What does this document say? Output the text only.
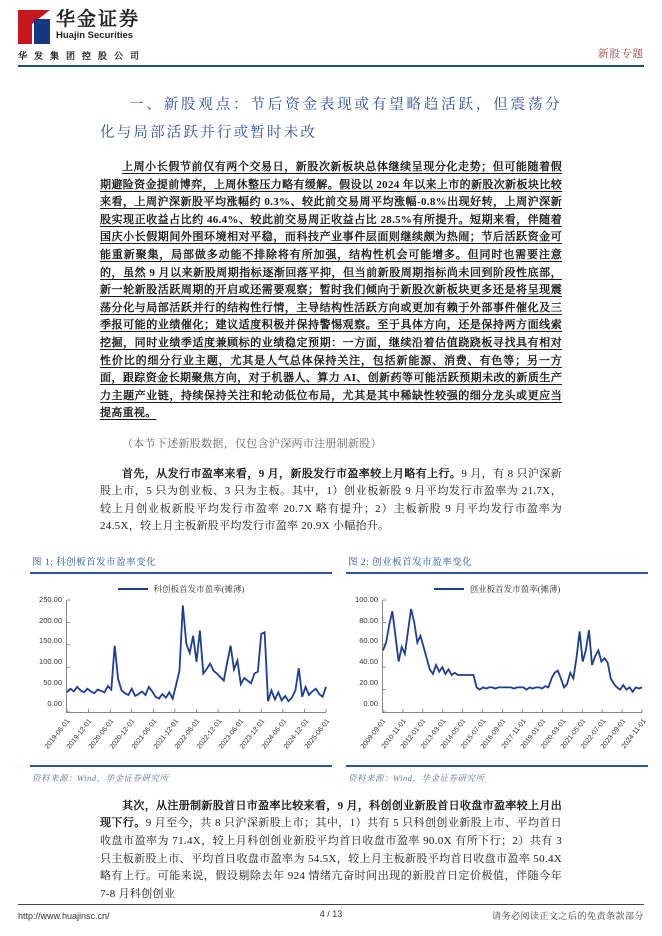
华金证券
Huajin Securities
华发集团控股公司	新股专题
一、新股观点：节后资金表现或有望略趋活跃，但震荡分化与局部活跃并行或暂时未改

上周小长假节前仅有两个交易日，新股次新板块总体继续呈现分化走势；但可能随着假期避险资金提前博弈，上周休整压力略有缓解。假设以 2024 年以来上市的新股次新板块比较来看，上周沪深新股平均涨幅约 0.3%、较此前交易周平均涨幅-0.8%出现好转，上周沪深新股实现正收益占比约 46.4%、较此前交易周正收益占比 28.5%有所提升。短期来看，伴随着国庆小长假期间外围环境相对平稳，而科技产业事件层面则继续颇为热闹；节后活跃资金可能重新聚集，局部做多动能不排除将有所加强，结构性机会可能增多。但同时也需要注意的，虽然 9 月以来新股周期指标逐渐回落平抑，但当前新股周期指标尚未回到阶段性底部，新一轮新股活跃周期的开启或还需要观察；暂时我们倾向于新股次新板块更多还是将呈现震荡分化与局部活跃并行的结构性行情，主导结构性活跃方向或更加有赖于外部事件催化及三季报可能的业绩催化；建议适度积极并保持警惕观察。至于具体方向，还是保持两方面线索挖掘，同时业绩季适度兼顾标的业绩稳定预期：一方面，继续沿着估值跷跷板寻找具有相对性价比的细分行业主题，尤其是人气总体保持关注，包括新能源、消费、有色等；另一方面，跟踪资金长期聚焦方向，对于机器人、算力 AI、创新药等可能活跃预期未改的新质生产力主题产业链，持续保持关注和轮动低位布局，尤其是其中稀缺性较强的细分龙头或更应当提高重视。

（本节下述新股数据，仅包含沪深两市注册制新股）

首先，从发行市盈率来看，9 月，新股发行市盈率较上月略有上行。9 月，有 8 只沪深新股上市，5 只为创业板、3 只为主板。其中，1）创业板新股 9 月平均发行市盈率为 21.7X，较上月创业板新股平均发行市盈率 20.7X 略有提升；2）主板新股 9 月平均发行市盈率为 24.5X，较上月主板新股平均发行市盈率 20.9X 小幅抬升。

图 1: 科创板首发市盈率变化
科创板首发市盈率(摊薄)
250.00
200.00
150.00
100.00
50.00
0.00
2019-06-01
2019-12-01
2020-06-01
2020-12-01
2021-06-01
2021-12-01
2022-06-01
2022-12-01
2023-06-01
2023-12-01
2024-06-01
2024-12-01
2025-06-01
资料来源：Wind，华金证券研究所
图 2: 创业板首发市盈率变化
创业板首发市盈率(摊薄)
100.00
80.00
60.00
40.00
20.00
0.00
2009-09-01
2010-11-01
2012-01-01
2013-03-01
2014-05-01
2015-07-01
2016-09-01
2017-11-01
2019-01-01
2020-03-01
2021-05-01
2022-07-01
2023-09-01
2024-11-01
资料来源：Wind，华金证券研究所

其次，从注册制新股首日市盈率比较来看，9 月，科创创业新股首日收盘市盈率较上月出现下行。9 月至今，共 8 只沪深新股上市；其中，1）共有 5 只科创创业新股上市、平均首日收盘市盈率为 71.4X，较上月科创创业新股平均首日收盘市盈率 90.0X 有所下行；2）共有 3 只主板新股上市、平均首日收盘市盈率为 54.5X，较上月主板新股平均首日收盘市盈率 50.4X 略有上行。可能来说，假设剔除去年 924 情绪亢奋时间出现的新股首日定价极值，伴随今年 7-8 月科创创业

http://www.huajinsc.cn/	4 / 13	请务必阅读正文之后的免责条款部分
